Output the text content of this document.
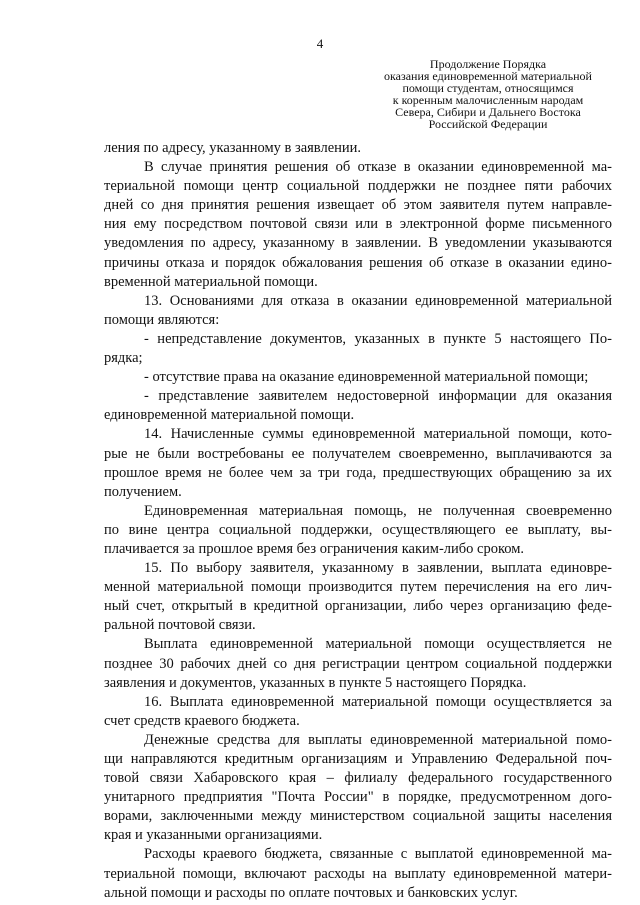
4
Продолжение Порядка
оказания единовременной материальной
помощи студентам, относящимся
к коренным малочисленным народам
Севера, Сибири и Дальнего Востока
Российской Федерации
ления по адресу, указанному в заявлении.
В случае принятия решения об отказе в оказании единовременной ма-
териальной помощи центр социальной поддержки не позднее пяти рабочих
дней со дня принятия решения извещает об этом заявителя путем направле-
ния ему посредством почтовой связи или в электронной форме письменного
уведомления по адресу, указанному в заявлении. В уведомлении указываются
причины отказа и порядок обжалования решения об отказе в оказании едино-
временной материальной помощи.
13. Основаниями для отказа в оказании единовременной материальной
помощи являются:
- непредставление документов, указанных в пункте 5 настоящего По-
рядка;
- отсутствие права на оказание единовременной материальной помощи;
- представление заявителем недостоверной информации для оказания
единовременной материальной помощи.
14. Начисленные суммы единовременной материальной помощи, кото-
рые не были востребованы ее получателем своевременно, выплачиваются за
прошлое время не более чем за три года, предшествующих обращению за их
получением.
Единовременная материальная помощь, не полученная своевременно
по вине центра социальной поддержки, осуществляющего ее выплату, вы-
плачивается за прошлое время без ограничения каким-либо сроком.
15. По выбору заявителя, указанному в заявлении, выплата единовре-
менной материальной помощи производится путем перечисления на его лич-
ный счет, открытый в кредитной организации, либо через организацию феде-
ральной почтовой связи.
Выплата единовременной материальной помощи осуществляется не
позднее 30 рабочих дней со дня регистрации центром социальной поддержки
заявления и документов, указанных в пункте 5 настоящего Порядка.
16. Выплата единовременной материальной помощи осуществляется за
счет средств краевого бюджета.
Денежные средства для выплаты единовременной материальной помо-
щи направляются кредитным организациям и Управлению Федеральной поч-
товой связи Хабаровского края – филиалу федерального государственного
унитарного предприятия "Почта России" в порядке, предусмотренном дого-
ворами, заключенными между министерством социальной защиты населения
края и указанными организациями.
Расходы краевого бюджета, связанные с выплатой единовременной ма-
териальной помощи, включают расходы на выплату единовременной матери-
альной помощи и расходы по оплате почтовых и банковских услуг.
